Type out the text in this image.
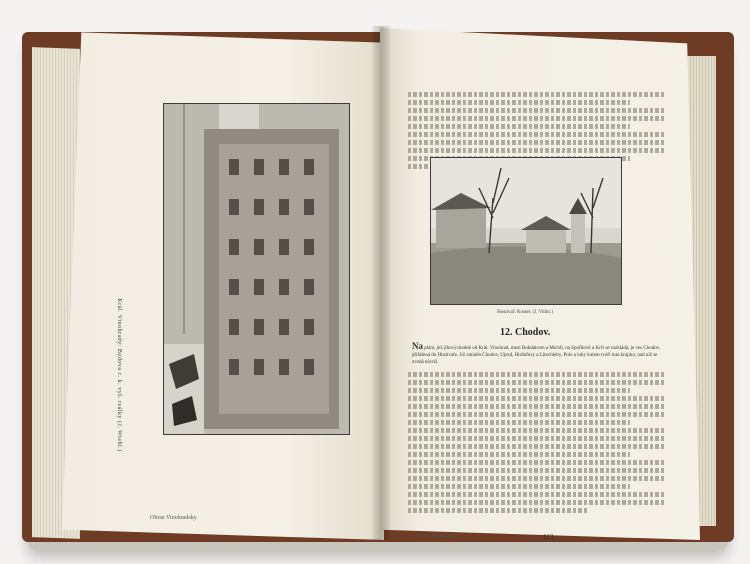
Král. Vinohrady: Budova c. k. vyš. reálky (J. Wiehl.)
Obraz Vinohradsky.
Hostivař: Kostel. (J. Vilím.)
12. Chodov.
Na pláni, jež jihovýchodně od Král. Vinohrad, mezi Bohdalcem a Michlí, na Spořilově a Krči se rozkládá, je ves Chodov, přifařená do Hostivaře. Již zmíněn Chodov, Ujezd, Hrdlořezy a Litochleby. Pole a luhy kolem tvoří tuto krajinu, nad níž se zvedá návrší.
Obraz Vinohradsky.	113
